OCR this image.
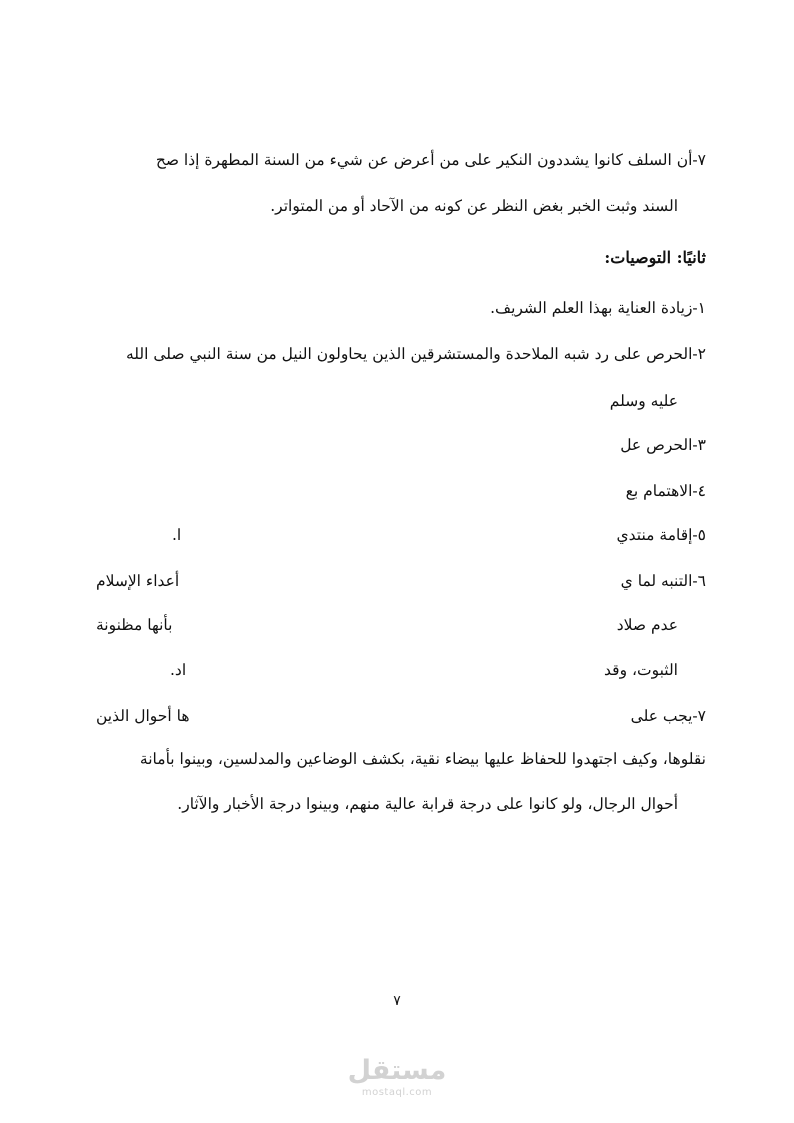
٧-أن السلف كانوا يشددون النكير على من أعرض عن شيء من السنة المطهرة إذا صح
السند وثبت الخبر بغض النظر عن كونه من الآحاد أو من المتواتر.
ثانيًا: التوصيات:
١-زيادة العناية بهذا العلم الشريف.
٢-الحرص على رد شبه الملاحدة والمستشرقين الذين يحاولون النيل من سنة النبي صلى الله
عليه وسلم
٣-الحرص عل
٤-الاهتمام بع
٥-إقامة منتدي
ا.
٦-التنبه لما ي
أعداء الإسلام
عدم صلاد
بأنها مظنونة
الثبوت، وقد
اد.
٧-يجب على
ها أحوال الذين
نقلوها، وكيف اجتهدوا للحفاظ عليها بيضاء نقية، بكشف الوضاعين والمدلسين، وبينوا بأمانة
أحوال الرجال، ولو كانوا على درجة قرابة عالية منهم، وبينوا درجة الأخبار والآثار.
٧
مستقل
mostaql.com
